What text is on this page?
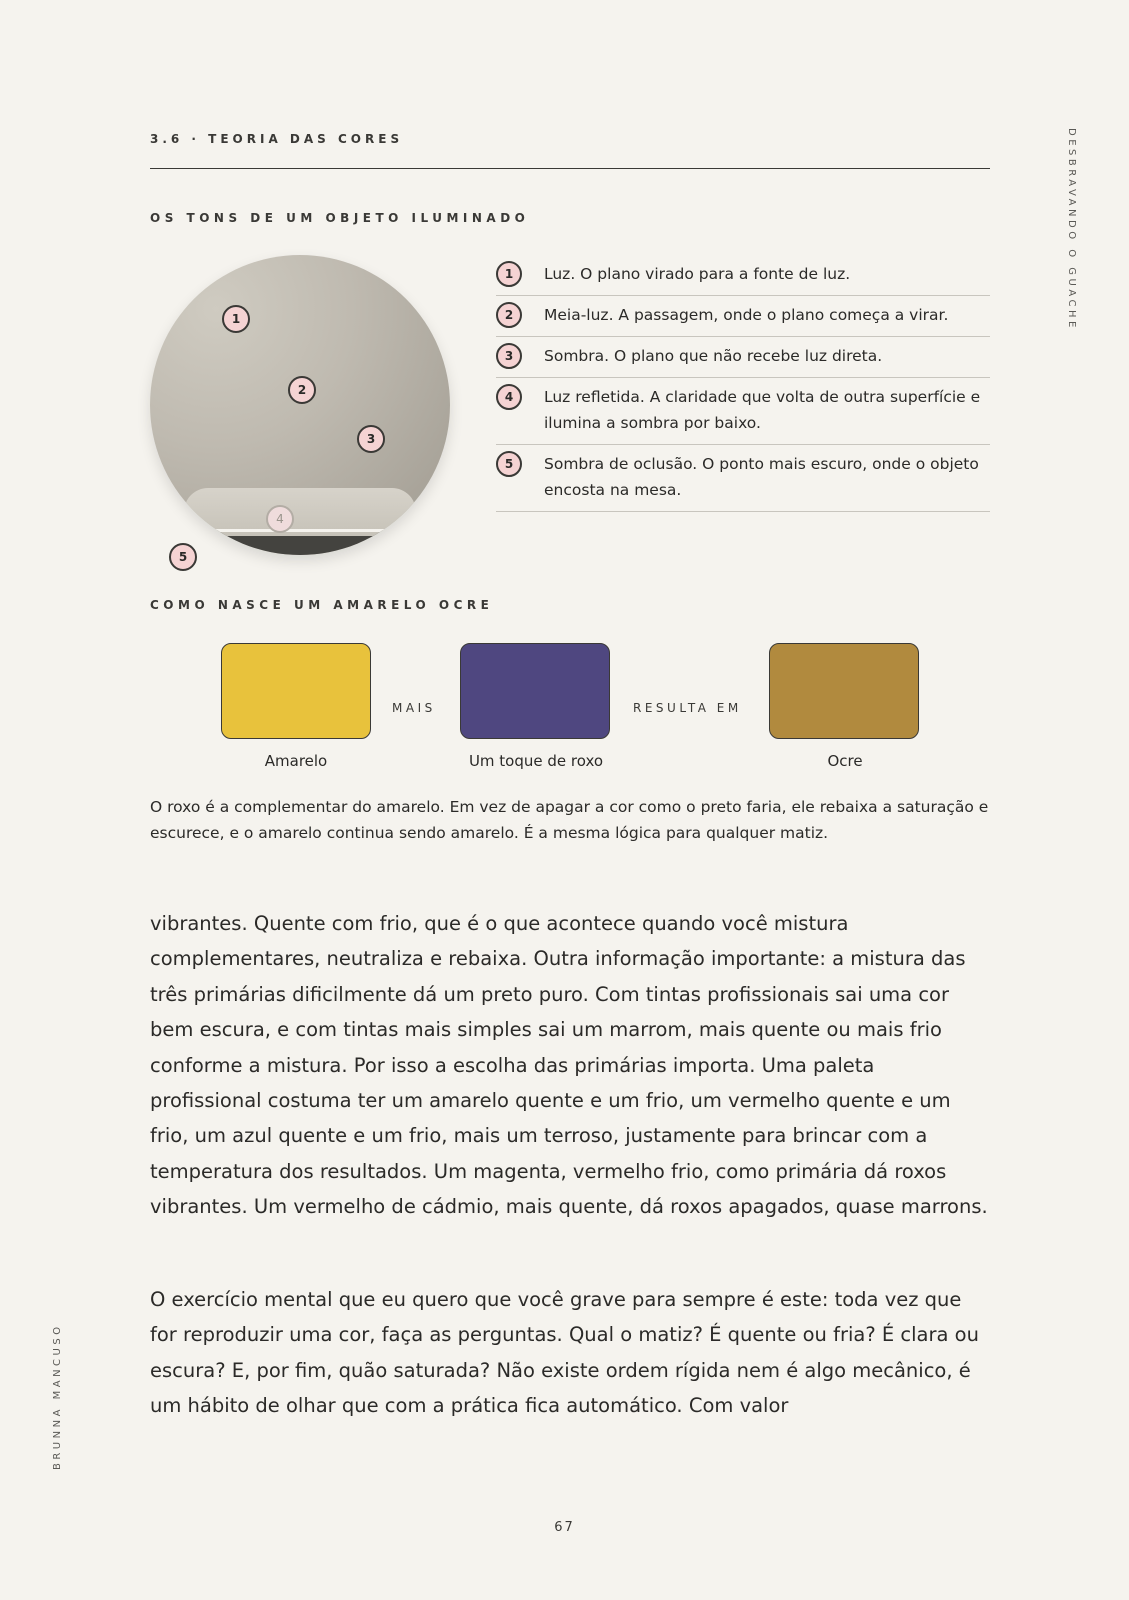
3.6 · TEORIA DAS CORES	DESBRAVANDO O GUACHE
BRUNNA MANCUSO
OS TONS DE UM OBJETO ILUMINADO
1
2
3
4
5
1	Luz. O plano virado para a fonte de luz.
2	Meia-luz. A passagem, onde o plano começa a virar.
3	Sombra. O plano que não recebe luz direta.
4	Luz refletida. A claridade que volta de outra superfície e ilumina a sombra por baixo.
5	Sombra de oclusão. O ponto mais escuro, onde o objeto encosta na mesa.
COMO NASCE UM AMARELO OCRE
MAIS	RESULTA EM
Amarelo	Um toque de roxo	Ocre

O roxo é a complementar do amarelo. Em vez de apagar a cor como o preto faria, ele rebaixa a saturação e escurece, e o amarelo continua sendo amarelo. É a mesma lógica para qualquer matiz.

vibrantes. Quente com frio, que é o que acontece quando você mistura complementares, neutraliza e rebaixa. Outra informação importante: a mistura das três primárias dificilmente dá um preto puro. Com tintas profissionais sai uma cor bem escura, e com tintas mais simples sai um marrom, mais quente ou mais frio conforme a mistura. Por isso a escolha das primárias importa. Uma paleta profissional costuma ter um amarelo quente e um frio, um vermelho quente e um frio, um azul quente e um frio, mais um terroso, justamente para brincar com a temperatura dos resultados. Um magenta, vermelho frio, como primária dá roxos vibrantes. Um vermelho de cádmio, mais quente, dá roxos apagados, quase marrons.

O exercício mental que eu quero que você grave para sempre é este: toda vez que for reproduzir uma cor, faça as perguntas. Qual o matiz? É quente ou fria? É clara ou escura? E, por fim, quão saturada? Não existe ordem rígida nem é algo mecânico, é um hábito de olhar que com a prática fica automático. Com valor

67
